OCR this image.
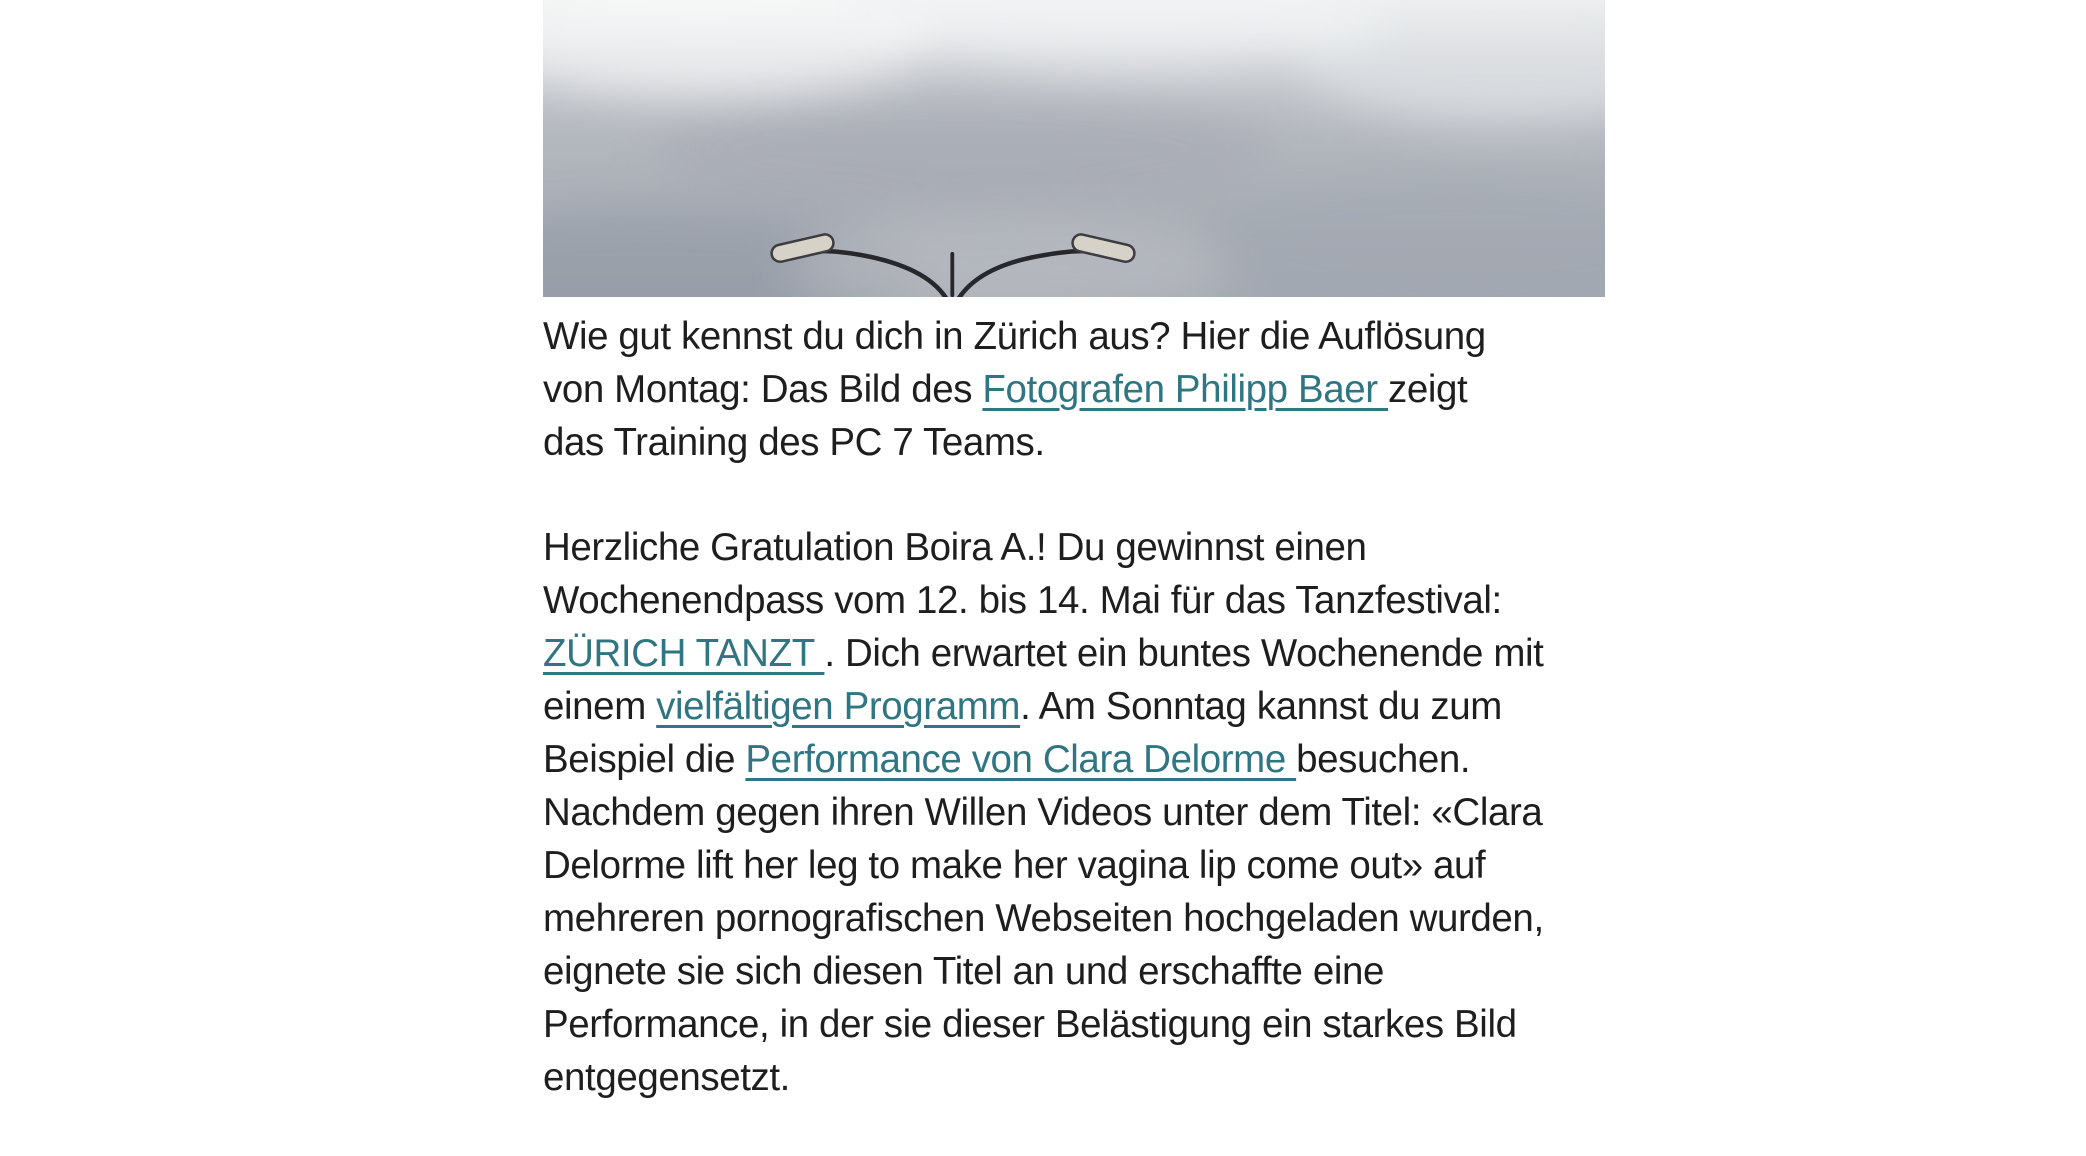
Wie gut kennst du dich in Zürich aus? Hier die Auflösung
von Montag: Das Bild des Fotografen Philipp Baer zeigt
das Training des PC 7 Teams.
Herzliche Gratulation Boira A.! Du gewinnst einen
Wochenendpass vom 12. bis 14. Mai für das Tanzfestival:
ZÜRICH TANZT . Dich erwartet ein buntes Wochenende mit
einem vielfältigen Programm. Am Sonntag kannst du zum
Beispiel die Performance von Clara Delorme besuchen.
Nachdem gegen ihren Willen Videos unter dem Titel: «Clara
Delorme lift her leg to make her vagina lip come out» auf
mehreren pornografischen Webseiten hochgeladen wurden,
eignete sie sich diesen Titel an und erschaffte eine
Performance, in der sie dieser Belästigung ein starkes Bild
entgegensetzt.
